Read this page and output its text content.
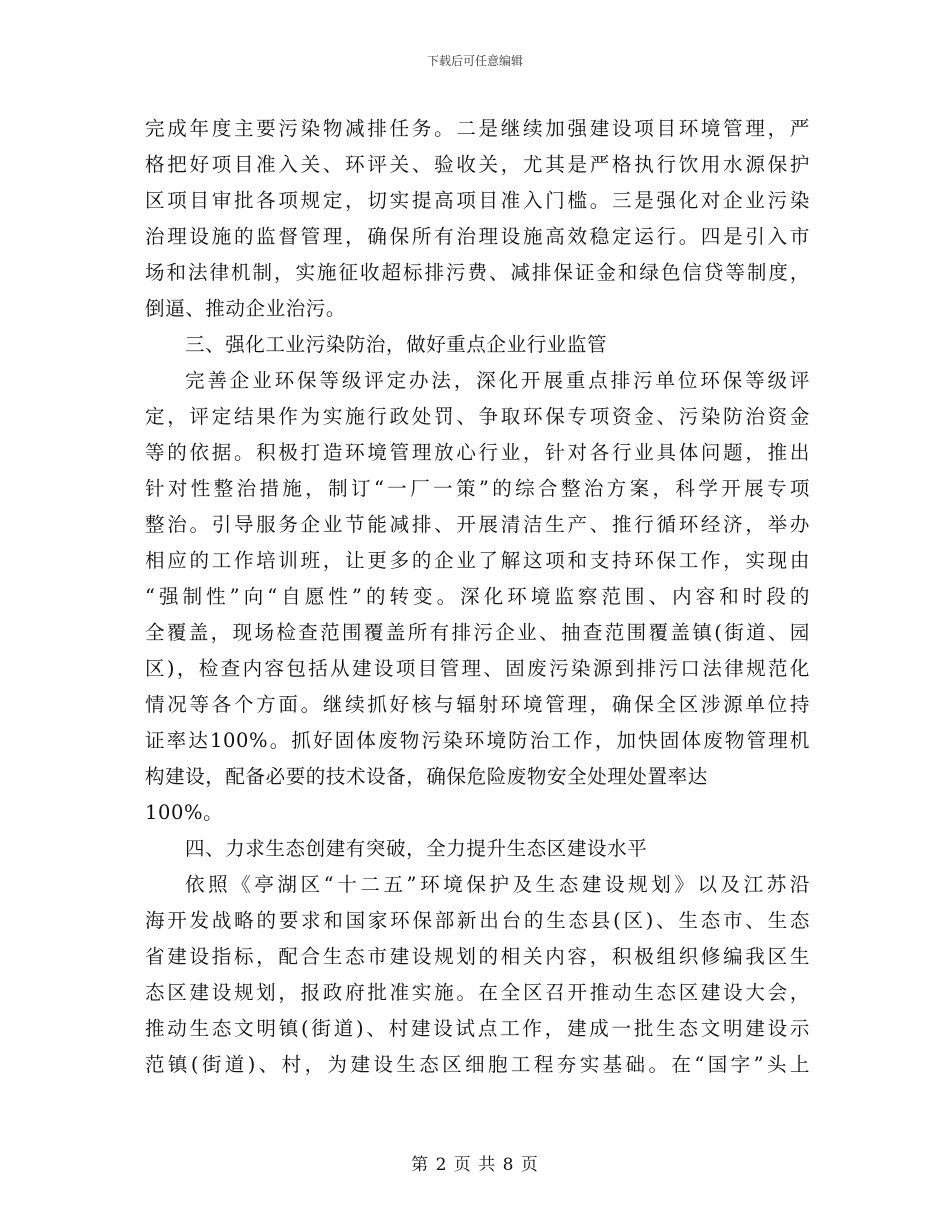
下载后可任意编辑
完成年度主要污染物减排任务。二是继续加强建设项目环境管理，严
格把好项目准入关、环评关、验收关，尤其是严格执行饮用水源保护
区项目审批各项规定，切实提高项目准入门槛。三是强化对企业污染
治理设施的监督管理，确保所有治理设施高效稳定运行。四是引入市
场和法律机制，实施征收超标排污费、减排保证金和绿色信贷等制度，
倒逼、推动企业治污。
三、强化工业污染防治，做好重点企业行业监管
完善企业环保等级评定办法，深化开展重点排污单位环保等级评
定，评定结果作为实施行政处罚、争取环保专项资金、污染防治资金
等的依据。积极打造环境管理放心行业，针对各行业具体问题，推出
针对性整治措施，制订“一厂一策”的综合整治方案，科学开展专项
整治。引导服务企业节能减排、开展清洁生产、推行循环经济，举办
相应的工作培训班，让更多的企业了解这项和支持环保工作，实现由
“强制性”向“自愿性”的转变。深化环境监察范围、内容和时段的
全覆盖，现场检查范围覆盖所有排污企业、抽查范围覆盖镇(街道、园
区)，检查内容包括从建设项目管理、固废污染源到排污口法律规范化
情况等各个方面。继续抓好核与辐射环境管理，确保全区涉源单位持
证率达100%。抓好固体废物污染环境防治工作，加快固体废物管理机
构建设，配备必要的技术设备，确保危险废物安全处理处置率达
100%。
四、力求生态创建有突破，全力提升生态区建设水平
依照《亭湖区“十二五”环境保护及生态建设规划》以及江苏沿
海开发战略的要求和国家环保部新出台的生态县(区)、生态市、生态
省建设指标，配合生态市建设规划的相关内容，积极组织修编我区生
态区建设规划，报政府批准实施。在全区召开推动生态区建设大会，
推动生态文明镇(街道)、村建设试点工作，建成一批生态文明建设示
范镇(街道)、村，为建设生态区细胞工程夯实基础。在“国字”头上
第 2 页 共 8 页
